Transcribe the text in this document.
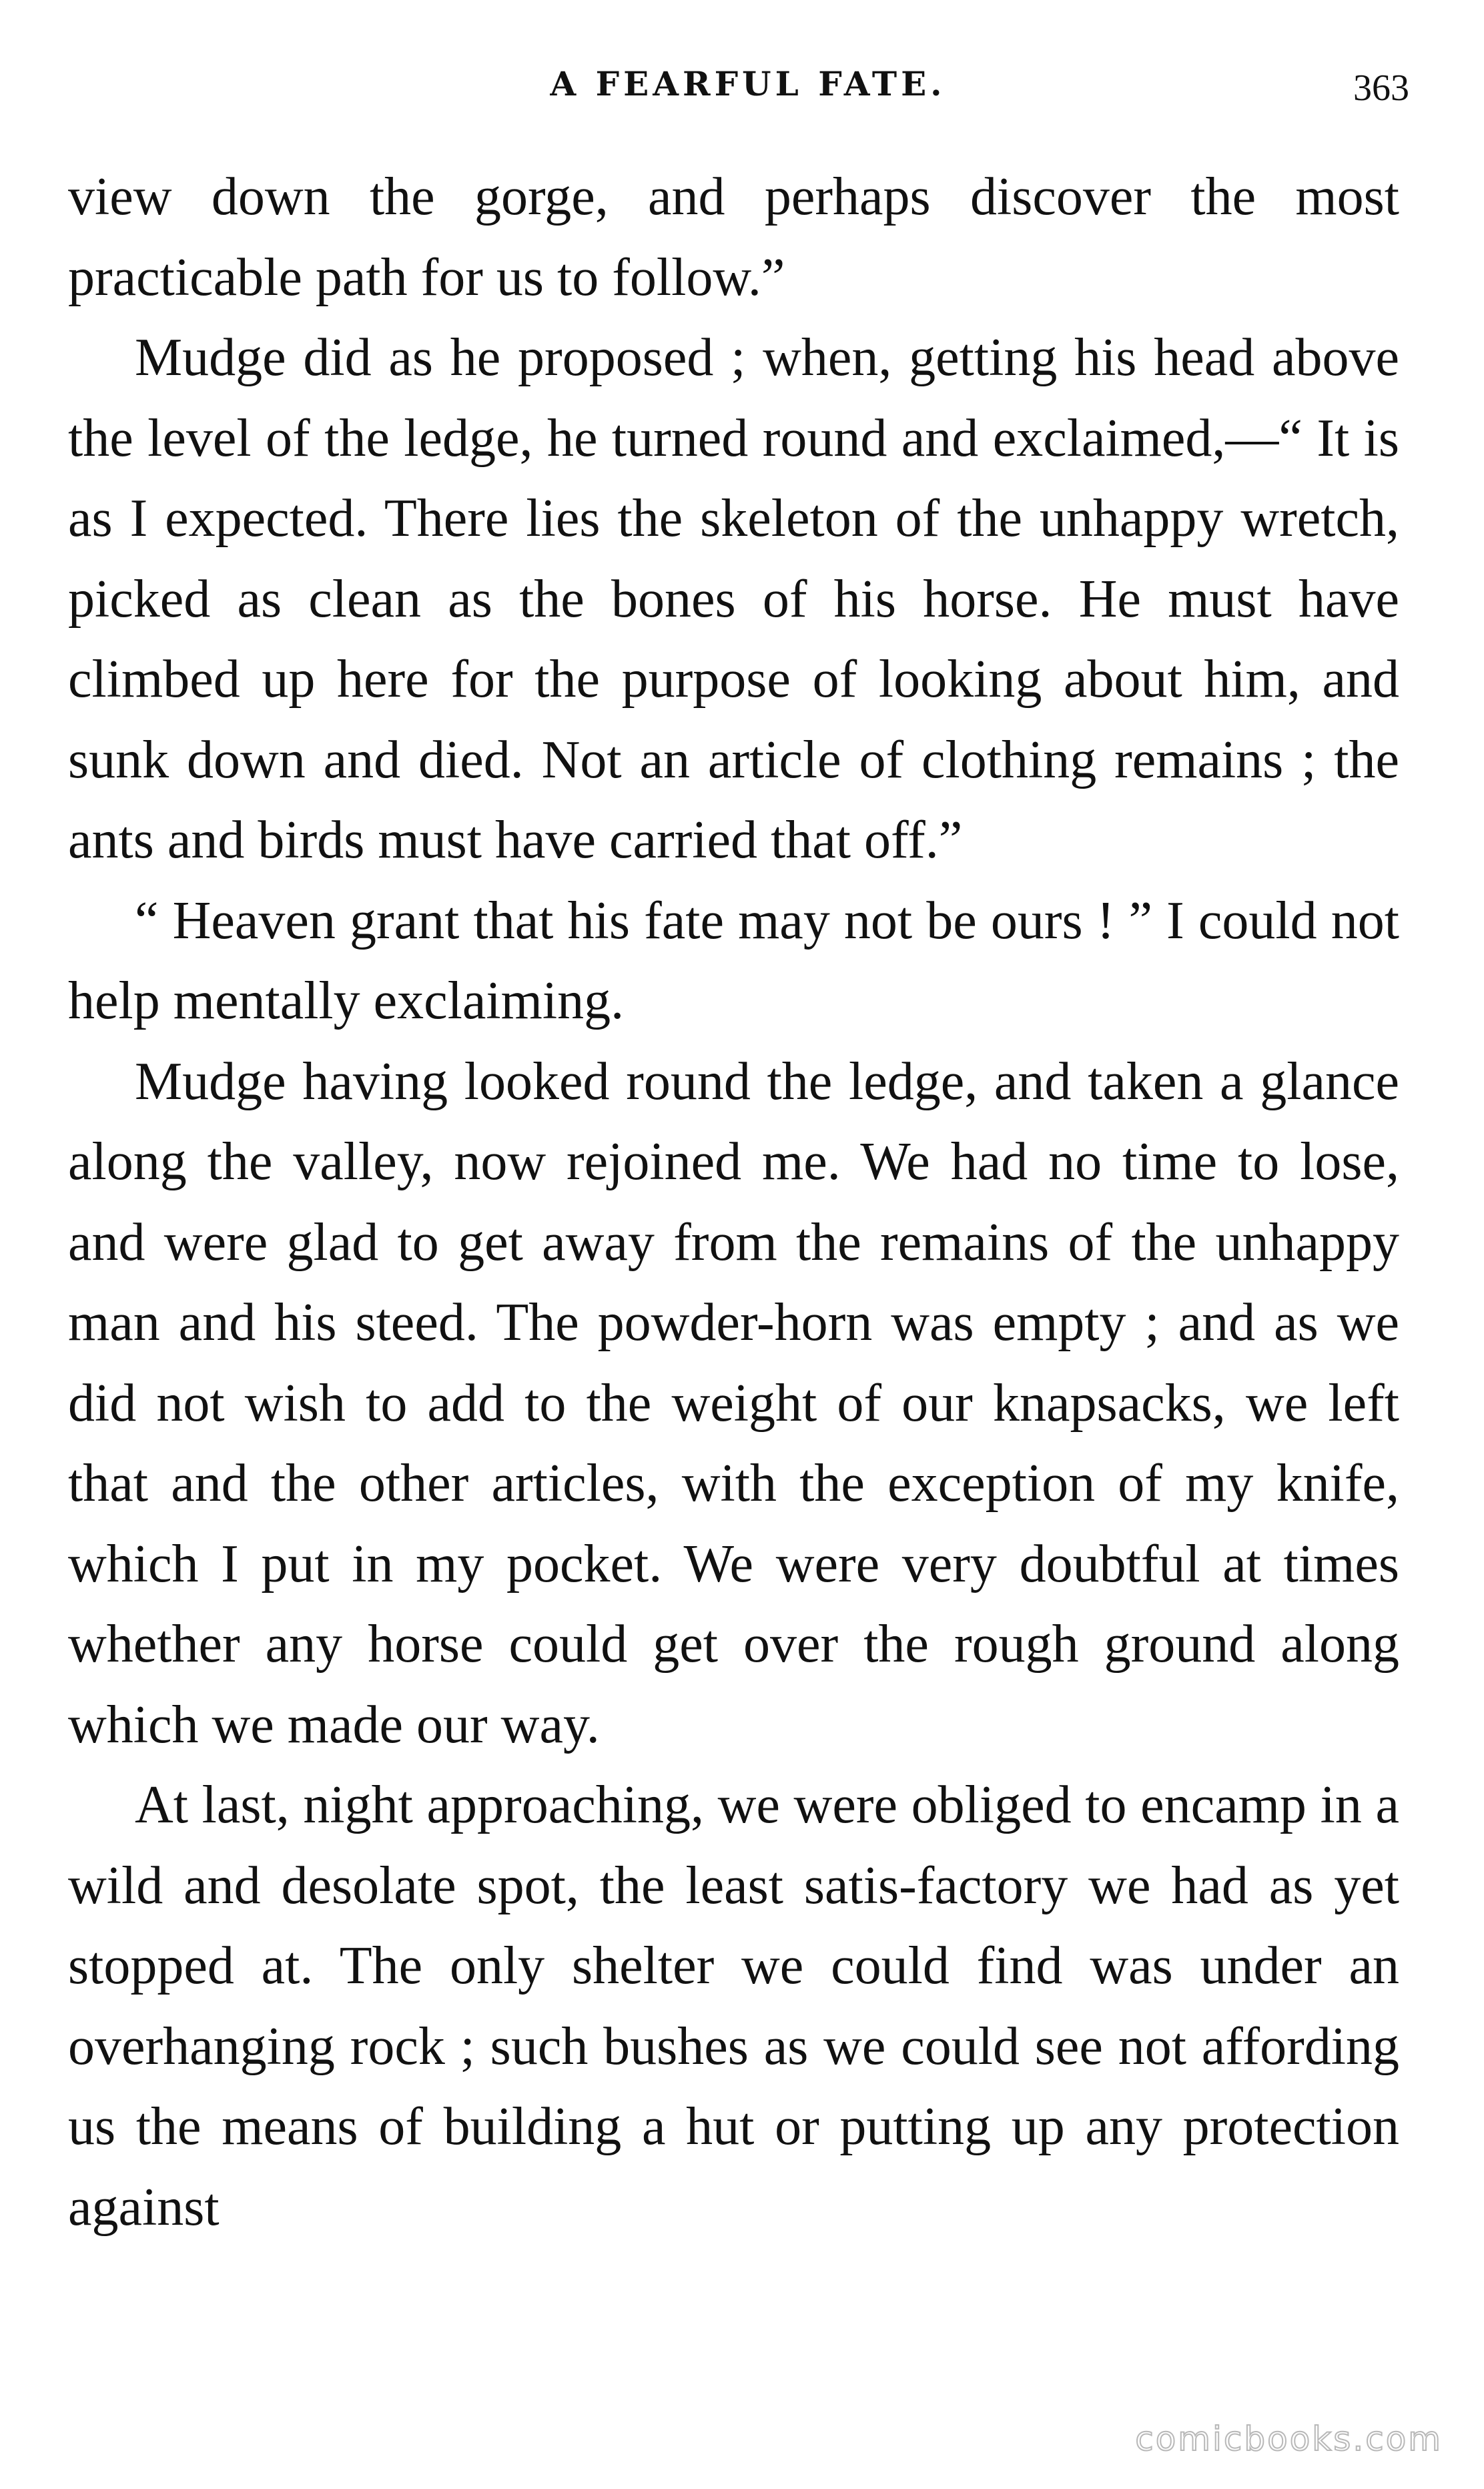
A FEARFUL FATE.	363

view down the gorge, and perhaps discover the most practicable path for us to follow.”

Mudge did as he proposed ; when, getting his head above the level of the ledge, he turned round and exclaimed,—“ It is as I expected. There lies the skeleton of the unhappy wretch, picked as clean as the bones of his horse. He must have climbed up here for the purpose of looking about him, and sunk down and died. Not an article of clothing remains ; the ants and birds must have carried that off.”

“ Heaven grant that his fate may not be ours ! ” I could not help mentally exclaiming.

Mudge having looked round the ledge, and taken a glance along the valley, now rejoined me. We had no time to lose, and were glad to get away from the remains of the unhappy man and his steed. The powder-horn was empty ; and as we did not wish to add to the weight of our knapsacks, we left that and the other articles, with the exception of my knife, which I put in my pocket. We were very doubtful at times whether any horse could get over the rough ground along which we made our way.

At last, night approaching, we were obliged to encamp in a wild and desolate spot, the least satis-factory we had as yet stopped at. The only shelter we could find was under an overhanging rock ; such bushes as we could see not affording us the means of building a hut or putting up any protection against

comicbooks.com
